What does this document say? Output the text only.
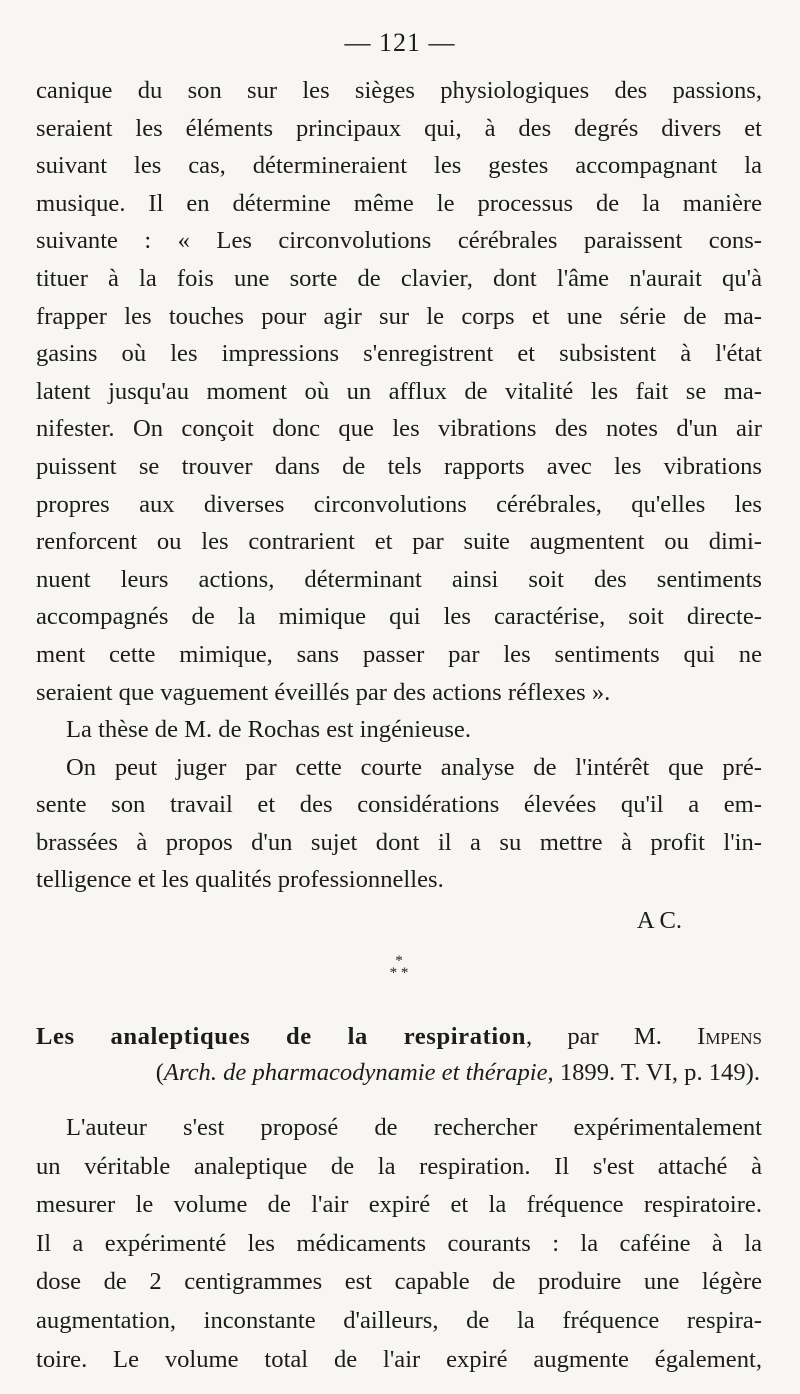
— 121 —
canique du son sur les sièges physiologiques des passions,
seraient les éléments principaux qui, à des degrés divers et
suivant les cas, détermineraient les gestes accompagnant la
musique. Il en détermine même le processus de la manière
suivante : « Les circonvolutions cérébrales paraissent cons-
tituer à la fois une sorte de clavier, dont l'âme n'aurait qu'à
frapper les touches pour agir sur le corps et une série de ma-
gasins où les impressions s'enregistrent et subsistent à l'état
latent jusqu'au moment où un afflux de vitalité les fait se ma-
nifester. On conçoit donc que les vibrations des notes d'un air
puissent se trouver dans de tels rapports avec les vibrations
propres aux diverses circonvolutions cérébrales, qu'elles les
renforcent ou les contrarient et par suite augmentent ou dimi-
nuent leurs actions, déterminant ainsi soit des sentiments
accompagnés de la mimique qui les caractérise, soit directe-
ment cette mimique, sans passer par les sentiments qui ne
seraient que vaguement éveillés par des actions réflexes ».
La thèse de M. de Rochas est ingénieuse.
On peut juger par cette courte analyse de l'intérêt que pré-
sente son travail et des considérations élevées qu'il a em-
brassées à propos d'un sujet dont il a su mettre à profit l'in-
telligence et les qualités professionnelles.
A C.
*
* *
Les analeptiques de la respiration, par M. Impens
(Arch. de pharmacodynamie et thérapie, 1899. T. VI, p. 149).
L'auteur s'est proposé de rechercher expérimentalement
un véritable analeptique de la respiration. Il s'est attaché à
mesurer le volume de l'air expiré et la fréquence respiratoire.
Il a expérimenté les médicaments courants : la caféine à la
dose de 2 centigrammes est capable de produire une légère
augmentation, inconstante d'ailleurs, de la fréquence respira-
toire. Le volume total de l'air expiré augmente également,
